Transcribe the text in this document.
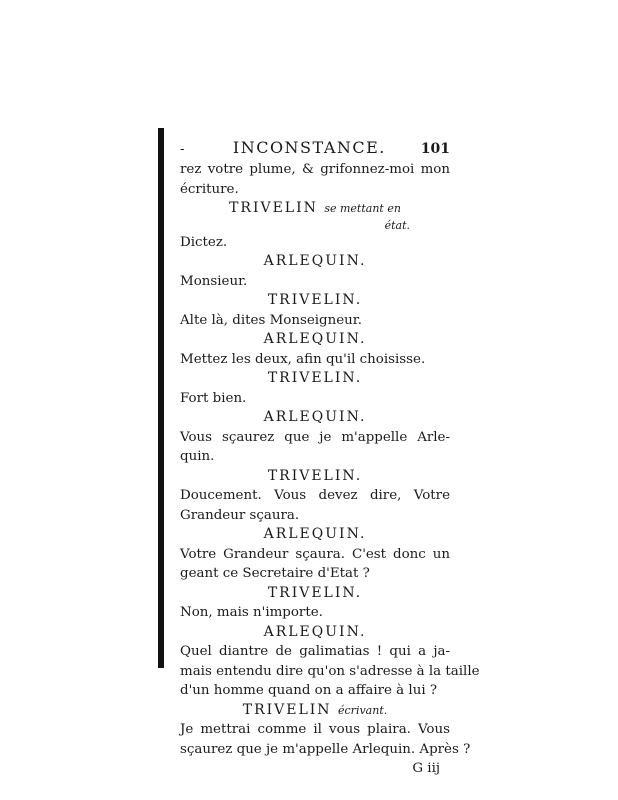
-	INCONSTANCE.	101
rez votre plume, & grifonnez-moi mon
écriture.
TRIVELIN se mettant en
état.
Dictez.
ARLEQUIN.
Monsieur.
TRIVELIN.
Alte là, dites Monseigneur.
ARLEQUIN.
Mettez les deux, afin qu'il choisisse.
TRIVELIN.
Fort bien.
ARLEQUIN.
Vous sçaurez que je m'appelle Arle-
quin.
TRIVELIN.
Doucement. Vous devez dire, Votre
Grandeur sçaura.
ARLEQUIN.
Votre Grandeur sçaura. C'est donc un
geant ce Secretaire d'Etat ?
TRIVELIN.
Non, mais n'importe.
ARLEQUIN.
Quel diantre de galimatias ! qui a ja-
mais entendu dire qu'on s'adresse à la taille
d'un homme quand on a affaire à lui ?
TRIVELIN écrivant.
Je mettrai comme il vous plaira. Vous
sçaurez que je m'appelle Arlequin. Après ?
G iij
